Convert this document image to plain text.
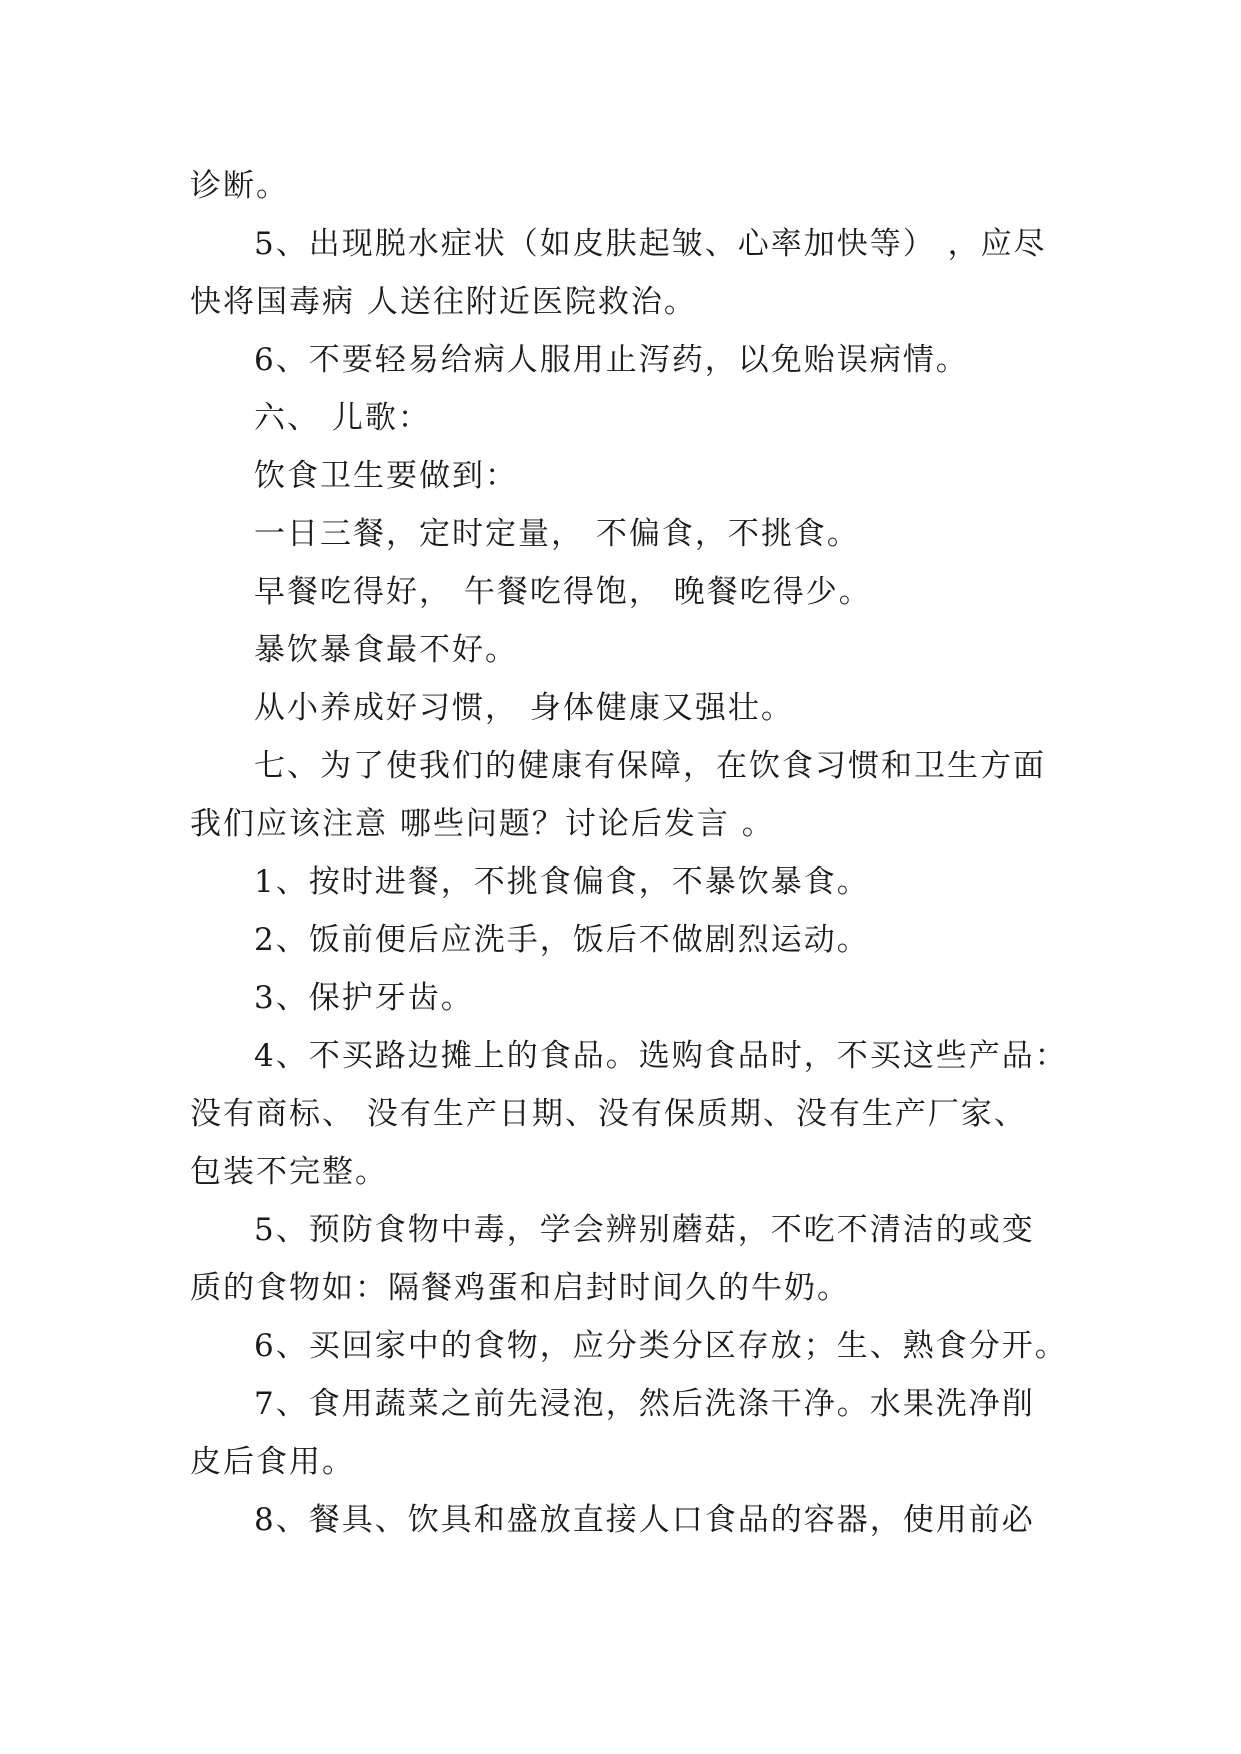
诊断。
5、出现脱水症状（如皮肤起皱、心率加快等） ，应尽
快将国毒病 人送往附近医院救治。
6、不要轻易给病人服用止泻药，以免贻误病情。
六、 儿歌：
饮食卫生要做到：
一日三餐，定时定量， 不偏食，不挑食。
早餐吃得好， 午餐吃得饱， 晚餐吃得少。
暴饮暴食最不好。
从小养成好习惯， 身体健康又强壮。
七、为了使我们的健康有保障，在饮食习惯和卫生方面
我们应该注意 哪些问题？讨论后发言 。
1、按时进餐，不挑食偏食，不暴饮暴食。
2、饭前便后应洗手，饭后不做剧烈运动。
3、保护牙齿。
4、不买路边摊上的食品。选购食品时，不买这些产品：
没有商标、 没有生产日期、没有保质期、没有生产厂家、
包装不完整。
5、预防食物中毒，学会辨别蘑菇，不吃不清洁的或变
质的食物如：隔餐鸡蛋和启封时间久的牛奶。
6、买回家中的食物，应分类分区存放；生、熟食分开。
7、食用蔬菜之前先浸泡，然后洗涤干净。水果洗净削
皮后食用。
8、餐具、饮具和盛放直接人口食品的容器，使用前必
